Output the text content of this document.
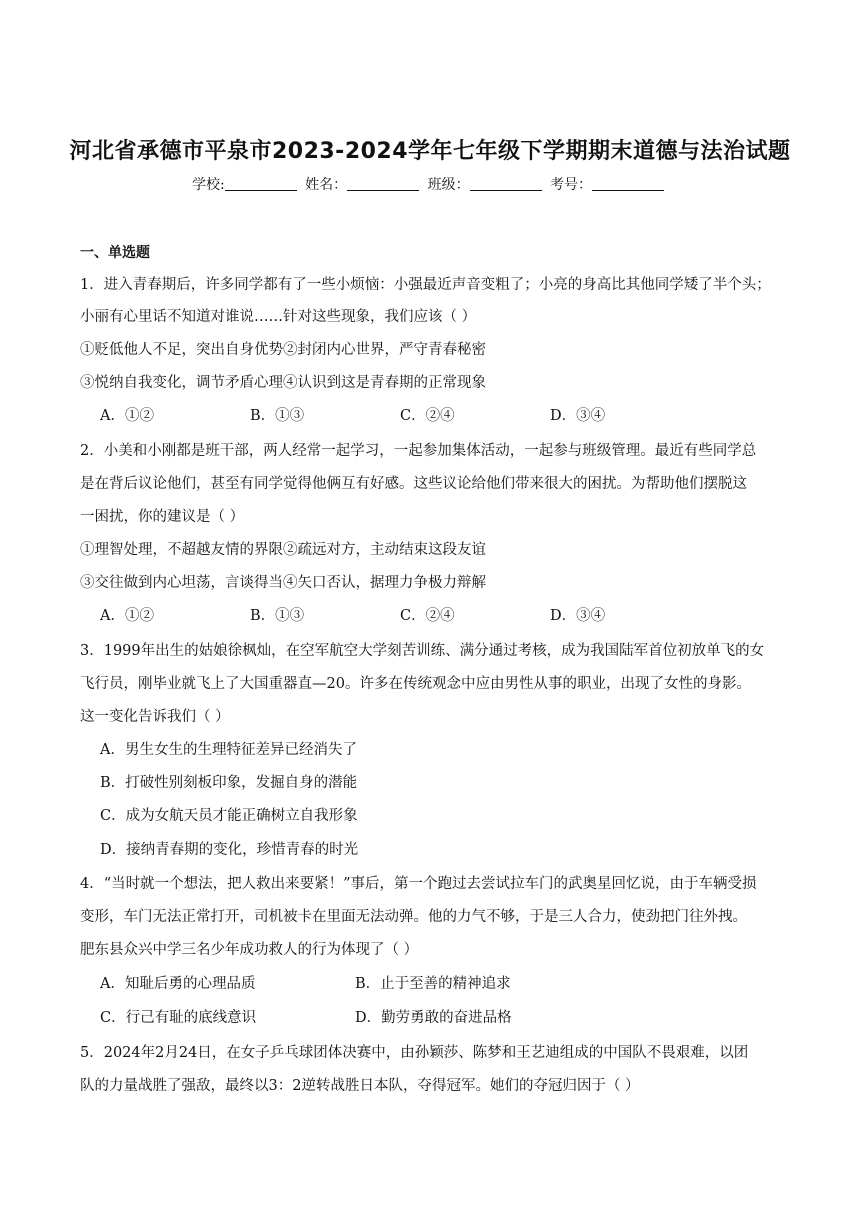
河北省承德市平泉市2023-2024学年七年级下学期期末道德与法治试题
学校:	姓名：	班级：	考号：
一、单选题
1．进入青春期后，许多同学都有了一些小烦恼：小强最近声音变粗了；小亮的身高比其他同学矮了半个头；
小丽有心里话不知道对谁说……针对这些现象，我们应该（ ）
①贬低他人不足，突出自身优势②封闭内心世界，严守青春秘密
③悦纳自我变化，调节矛盾心理④认识到这是青春期的正常现象
A．①②	B．①③	C．②④	D．③④
2．小美和小刚都是班干部，两人经常一起学习，一起参加集体活动，一起参与班级管理。最近有些同学总
是在背后议论他们，甚至有同学觉得他俩互有好感。这些议论给他们带来很大的困扰。为帮助他们摆脱这
一困扰，你的建议是（ ）
①理智处理，不超越友情的界限②疏远对方，主动结束这段友谊
③交往做到内心坦荡，言谈得当④矢口否认，据理力争极力辩解
A．①②	B．①③	C．②④	D．③④
3．1999年出生的姑娘徐枫灿，在空军航空大学刻苦训练、满分通过考核，成为我国陆军首位初放单飞的女
飞行员，刚毕业就飞上了大国重器直—20。许多在传统观念中应由男性从事的职业，出现了女性的身影。
这一变化告诉我们（ ）
A．男生女生的生理特征差异已经消失了
B．打破性别刻板印象，发掘自身的潜能
C．成为女航天员才能正确树立自我形象
D．接纳青春期的变化，珍惜青春的时光
4．“当时就一个想法，把人救出来要紧！”事后，第一个跑过去尝试拉车门的武奥星回忆说，由于车辆受损
变形，车门无法正常打开，司机被卡在里面无法动弹。他的力气不够，于是三人合力，使劲把门往外拽。
肥东县众兴中学三名少年成功救人的行为体现了（ ）
A．知耻后勇的心理品质	B．止于至善的精神追求
C．行己有耻的底线意识	D．勤劳勇敢的奋进品格
5．2024年2月24日，在女子乒乓球团体决赛中，由孙颖莎、陈梦和王艺迪组成的中国队不畏艰难，以团
队的力量战胜了强敌，最终以3：2逆转战胜日本队，夺得冠军。她们的夺冠归因于（ ）
